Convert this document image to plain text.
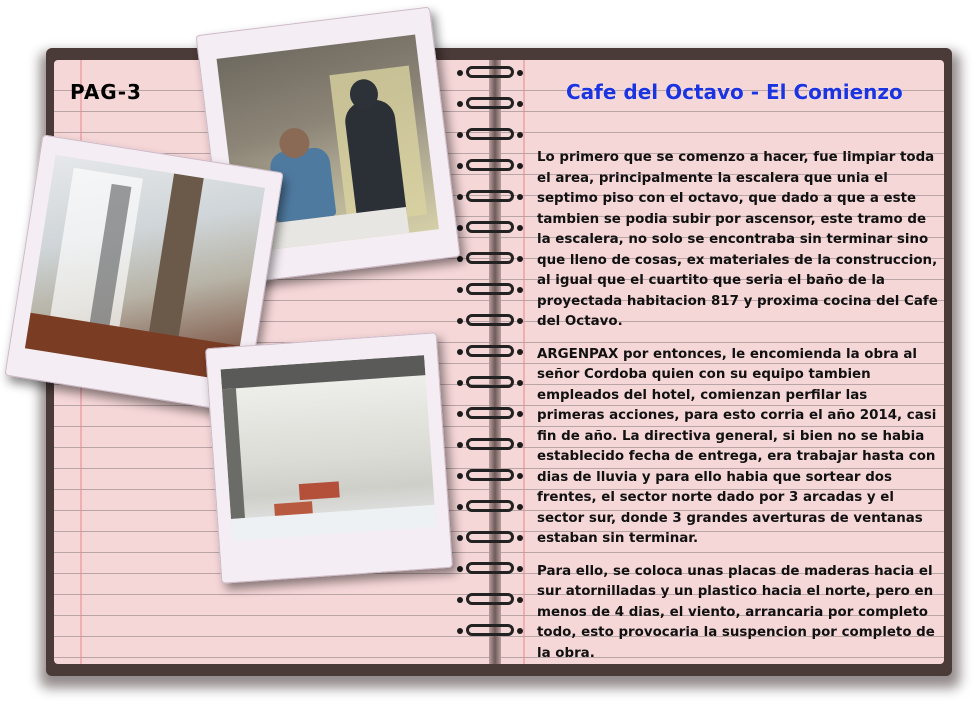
PAG-3	Cafe del Octavo - El Comienzo

Lo primero que se comenzo a hacer, fue limpiar toda el area, principalmente la escalera que unia el septimo piso con el octavo, que dado a que a este tambien se podia subir por ascensor, este tramo de la escalera, no solo se encontraba sin terminar sino que lleno de cosas, ex materiales de la construccion, al igual que el cuartito que seria el baño de la proyectada habitacion 817 y proxima cocina del Cafe del Octavo.

ARGENPAX por entonces, le encomienda la obra al señor Cordoba quien con su equipo tambien empleados del hotel, comienzan perfilar las primeras acciones, para esto corria el año 2014, casi fin de año. La directiva general, si bien no se habia establecido fecha de entrega, era trabajar hasta con dias de lluvia y para ello habia que sortear dos frentes, el sector norte dado por 3 arcadas y el sector sur, donde 3 grandes averturas de ventanas estaban sin terminar.

Para ello, se coloca unas placas de maderas hacia el sur atornilladas y un plastico hacia el norte, pero en menos de 4 dias, el viento, arrancaria por completo todo, esto provocaria la suspencion por completo de la obra.
